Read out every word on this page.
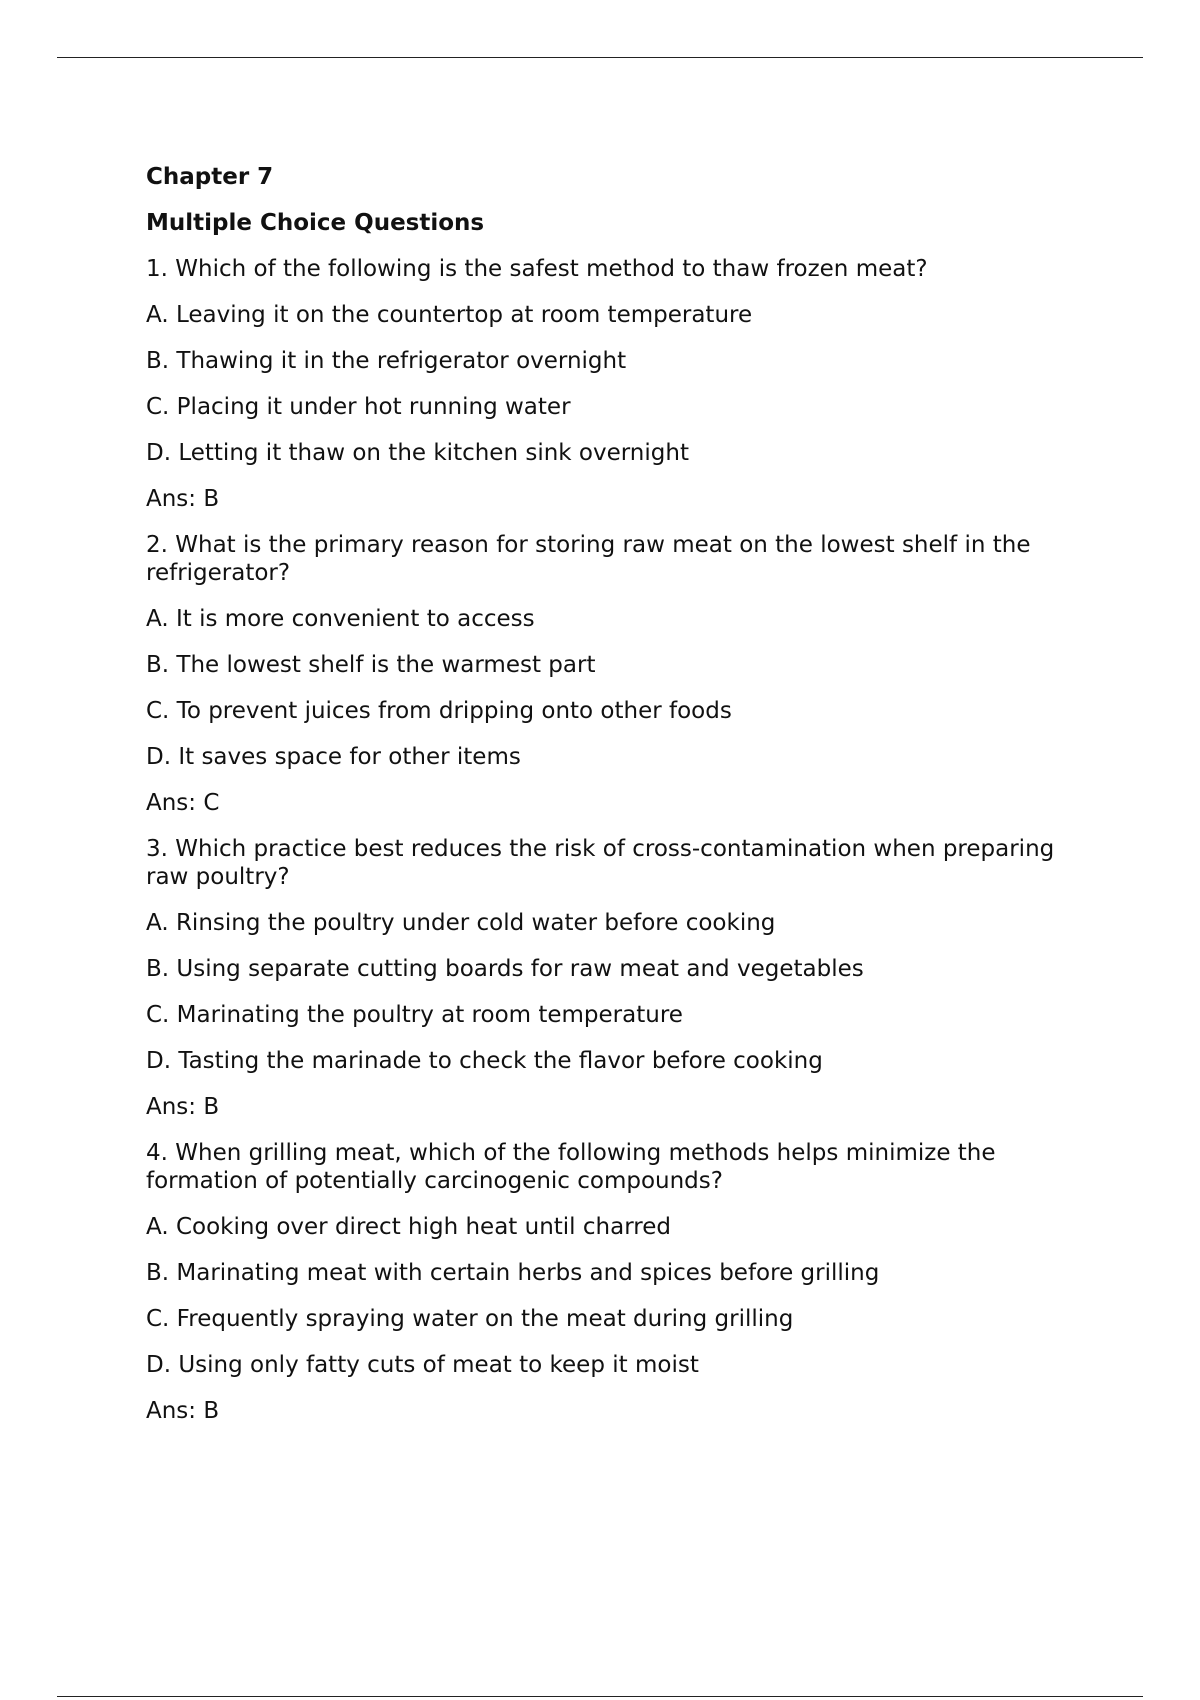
Chapter 7
Multiple Choice Questions
1. Which of the following is the safest method to thaw frozen meat?
A. Leaving it on the countertop at room temperature
B. Thawing it in the refrigerator overnight
C. Placing it under hot running water
D. Letting it thaw on the kitchen sink overnight
Ans: B
2. What is the primary reason for storing raw meat on the lowest shelf in the refrigerator?
A. It is more convenient to access
B. The lowest shelf is the warmest part
C. To prevent juices from dripping onto other foods
D. It saves space for other items
Ans: C
3. Which practice best reduces the risk of cross-contamination when preparing raw poultry?
A. Rinsing the poultry under cold water before cooking
B. Using separate cutting boards for raw meat and vegetables
C. Marinating the poultry at room temperature
D. Tasting the marinade to check the flavor before cooking
Ans: B
4. When grilling meat, which of the following methods helps minimize the formation of potentially carcinogenic compounds?
A. Cooking over direct high heat until charred
B. Marinating meat with certain herbs and spices before grilling
C. Frequently spraying water on the meat during grilling
D. Using only fatty cuts of meat to keep it moist
Ans: B
